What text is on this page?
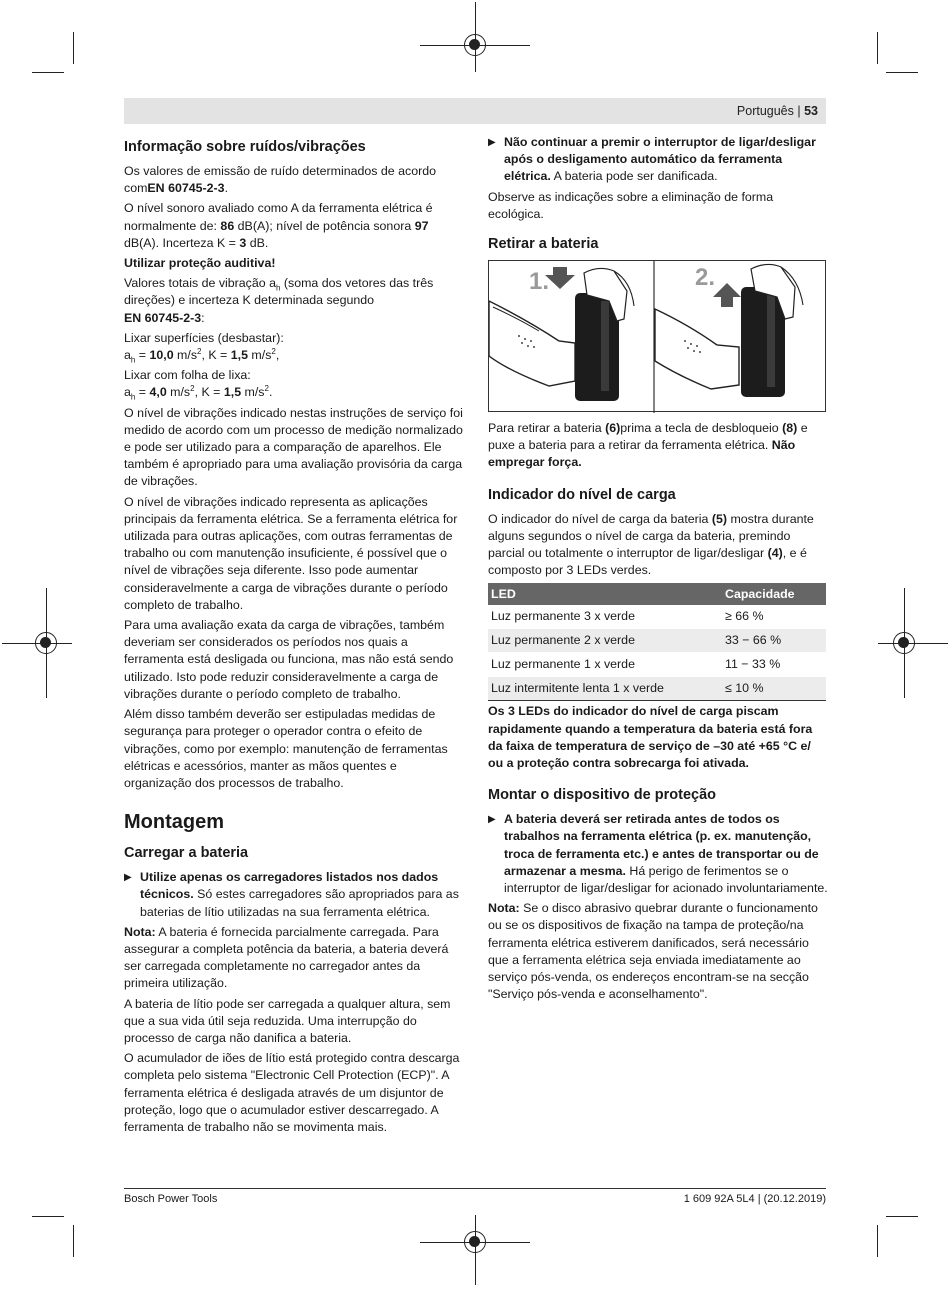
Português | 53
Informação sobre ruídos/vibrações

Os valores de emissão de ruído determinados de acordo comEN 60745-2-3.

O nível sonoro avaliado como A da ferramenta elétrica é normalmente de: 86 dB(A); nível de potência sonora 97 dB(A). Incerteza K = 3 dB.

Utilizar proteção auditiva!

Valores totais de vibração $a_h$ (soma dos vetores das três direções) e incerteza K determinada segundo
EN 60745-2-3:

Lixar superfícies (desbastar):
$a_h = 10,0$ $m/s^2$, K = 1,5 $m/s^2$,

Lixar com folha de lixa:
$a_h = 4,0$ $m/s^2$, K = 1,5 $m/s^2$.

O nível de vibrações indicado nestas instruções de serviço foi medido de acordo com um processo de medição normalizado e pode ser utilizado para a comparação de aparelhos. Ele também é apropriado para uma avaliação provisória da carga de vibrações.

O nível de vibrações indicado representa as aplicações principais da ferramenta elétrica. Se a ferramenta elétrica for utilizada para outras aplicações, com outras ferramentas de trabalho ou com manutenção insuficiente, é possível que o nível de vibrações seja diferente. Isso pode aumentar consideravelmente a carga de vibrações durante o período completo de trabalho.

Para uma avaliação exata da carga de vibrações, também deveriam ser considerados os períodos nos quais a ferramenta está desligada ou funciona, mas não está sendo utilizado. Isto pode reduzir consideravelmente a carga de vibrações durante o período completo de trabalho.

Além disso também deverão ser estipuladas medidas de segurança para proteger o operador contra o efeito de vibrações, como por exemplo: manutenção de ferramentas elétricas e acessórios, manter as mãos quentes e organização dos processos de trabalho.

Montagem
Carregar a bateria

▶ Utilize apenas os carregadores listados nos dados técnicos. Só estes carregadores são apropriados para as baterias de lítio utilizadas na sua ferramenta elétrica.

Nota: A bateria é fornecida parcialmente carregada. Para assegurar a completa potência da bateria, a bateria deverá ser carregada completamente no carregador antes da primeira utilização.

A bateria de lítio pode ser carregada a qualquer altura, sem que a sua vida útil seja reduzida. Uma interrupção do processo de carga não danifica a bateria.

O acumulador de iões de lítio está protegido contra descarga completa pelo sistema "Electronic Cell Protection (ECP)". A ferramenta elétrica é desligada através de um disjuntor de proteção, logo que o acumulador estiver descarregado. A ferramenta de trabalho não se movimenta mais.

▶ Não continuar a premir o interruptor de ligar/desligar após o desligamento automático da ferramenta elétrica. A bateria pode ser danificada.

Observe as indicações sobre a eliminação de forma ecológica.

Retirar a bateria
1.	2.

Para retirar a bateria (6)prima a tecla de desbloqueio (8) e puxe a bateria para a retirar da ferramenta elétrica. Não empregar força.

Indicador do nível de carga

O indicador do nível de carga da bateria (5) mostra durante alguns segundos o nível de carga da bateria, premindo parcial ou totalmente o interruptor de ligar/desligar (4), e é composto por 3 LEDs verdes.

LED	Capacidade
Luz permanente 3 x verde	≥ 66 %
Luz permanente 2 x verde	33 − 66 %
Luz permanente 1 x verde	11 − 33 %
Luz intermitente lenta 1 x verde	≤ 10 %

Os 3 LEDs do indicador do nível de carga piscam rapidamente quando a temperatura da bateria está fora da faixa de temperatura de serviço de –30 até +65 °C e/ ou a proteção contra sobrecarga foi ativada.

Montar o dispositivo de proteção

▶ A bateria deverá ser retirada antes de todos os trabalhos na ferramenta elétrica (p. ex. manutenção, troca de ferramenta etc.) e antes de transportar ou de armazenar a mesma. Há perigo de ferimentos se o interruptor de ligar/desligar for acionado involuntariamente.

Nota: Se o disco abrasivo quebrar durante o funcionamento ou se os dispositivos de fixação na tampa de proteção/na ferramenta elétrica estiverem danificados, será necessário que a ferramenta elétrica seja enviada imediatamente ao serviço pós-venda, os endereços encontram-se na secção "Serviço pós-venda e aconselhamento".

Bosch Power Tools	1 609 92A 5L4 | (20.12.2019)
